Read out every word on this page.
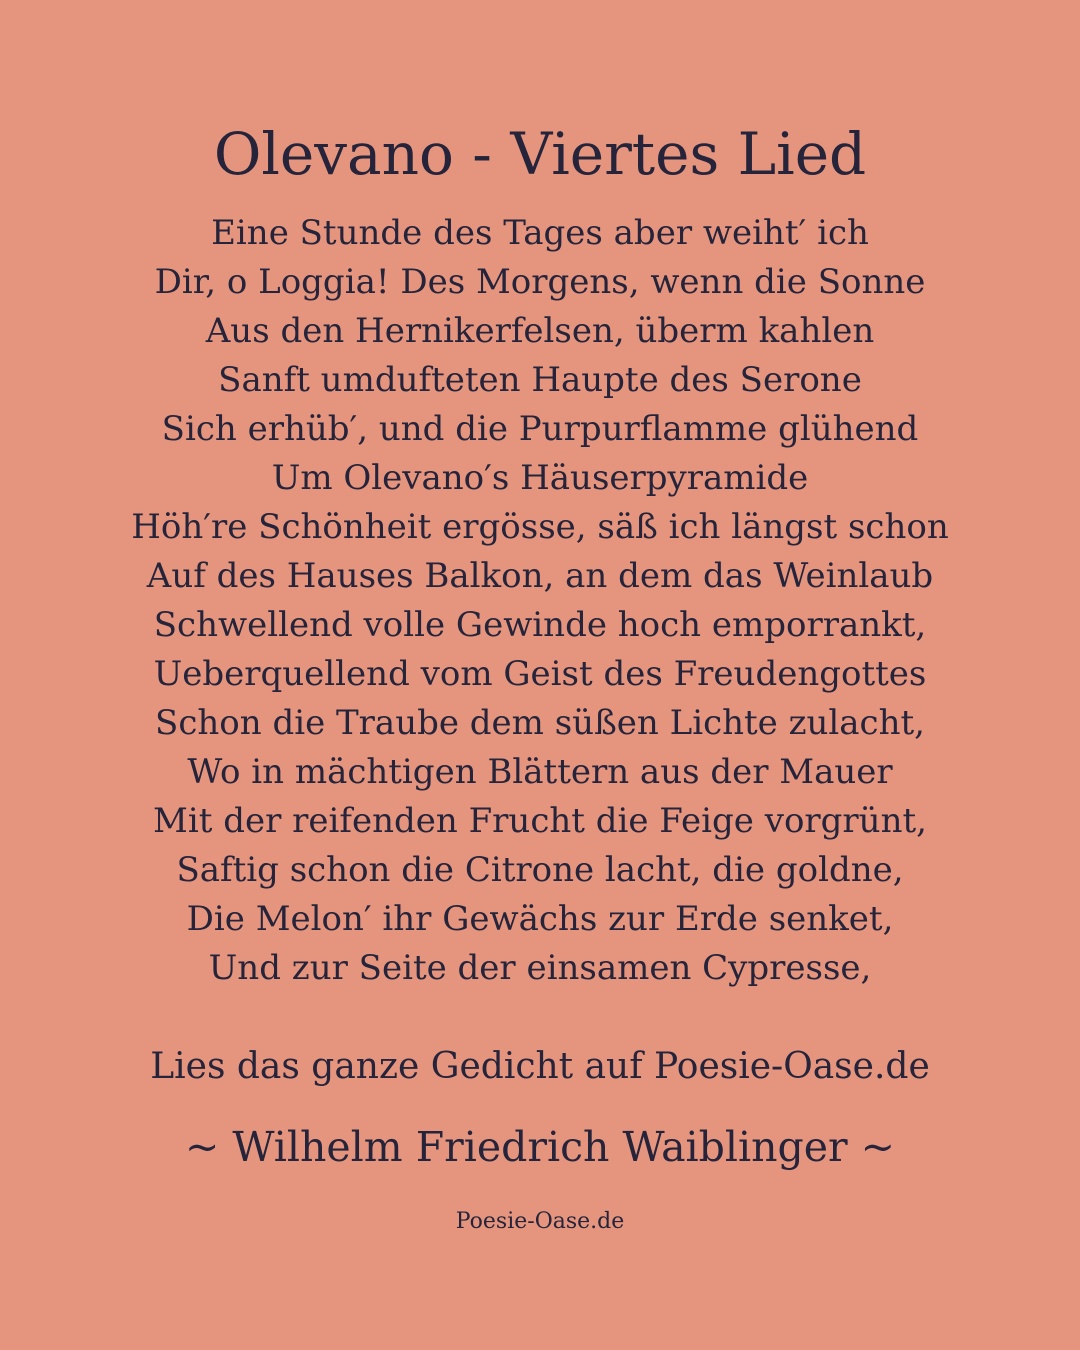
Olevano - Viertes Lied
Eine Stunde des Tages aber weiht′ ich
Dir, o Loggia! Des Morgens, wenn die Sonne
Aus den Hernikerfelsen, überm kahlen
Sanft umdufteten Haupte des Serone
Sich erhüb′, und die Purpurflamme glühend
Um Olevano′s Häuserpyramide
Höh′re Schönheit ergösse, säß ich längst schon
Auf des Hauses Balkon, an dem das Weinlaub
Schwellend volle Gewinde hoch emporrankt,
Ueberquellend vom Geist des Freudengottes
Schon die Traube dem süßen Lichte zulacht,
Wo in mächtigen Blättern aus der Mauer
Mit der reifenden Frucht die Feige vorgrünt,
Saftig schon die Citrone lacht, die goldne,
Die Melon′ ihr Gewächs zur Erde senket,
Und zur Seite der einsamen Cypresse,
Lies das ganze Gedicht auf Poesie-Oase.de
~ Wilhelm Friedrich Waiblinger ~
Poesie-Oase.de
